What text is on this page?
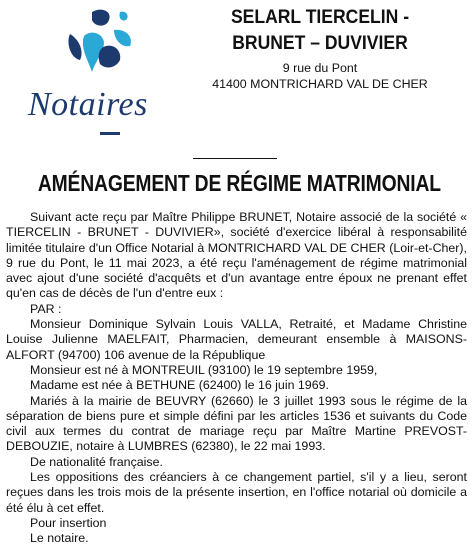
Notaires
SELARL TIERCELIN - BRUNET – DUVIVIER
9 rue du Pont
41400 MONTRICHARD VAL DE CHER
AMÉNAGEMENT DE RÉGIME MATRIMONIAL

Suivant acte reçu par Maître Philippe BRUNET, Notaire associé de la société « TIERCELIN - BRUNET - DUVIVIER», société d'exercice libéral à responsabilité limitée titulaire d'un Office Notarial à MONTRICHARD VAL DE CHER (Loir-et-Cher), 9 rue du Pont, le 11 mai 2023, a été reçu l'aménagement de régime matrimonial avec ajout d'une société d'acquêts et d'un avantage entre époux ne prenant effet qu'en cas de décès de l'un d'entre eux :

PAR :

Monsieur Dominique Sylvain Louis VALLA, Retraité, et Madame Christine Louise Julienne MAELFAIT, Pharmacien, demeurant ensemble à MAISONS-ALFORT (94700) 106 avenue de la République

Monsieur est né à MONTREUIL (93100) le 19 septembre 1959,

Madame est née à BETHUNE (62400) le 16 juin 1969.

Mariés à la mairie de BEUVRY (62660) le 3 juillet 1993 sous le régime de la séparation de biens pure et simple défini par les articles 1536 et suivants du Code civil aux termes du contrat de mariage reçu par Maître Martine PREVOST-DEBOUZIE, notaire à LUMBRES (62380), le 22 mai 1993.

De nationalité française.

Les oppositions des créanciers à ce changement partiel, s'il y a lieu, seront reçues dans les trois mois de la présente insertion, en l'office notarial où domicile a été élu à cet effet.

Pour insertion

Le notaire.
